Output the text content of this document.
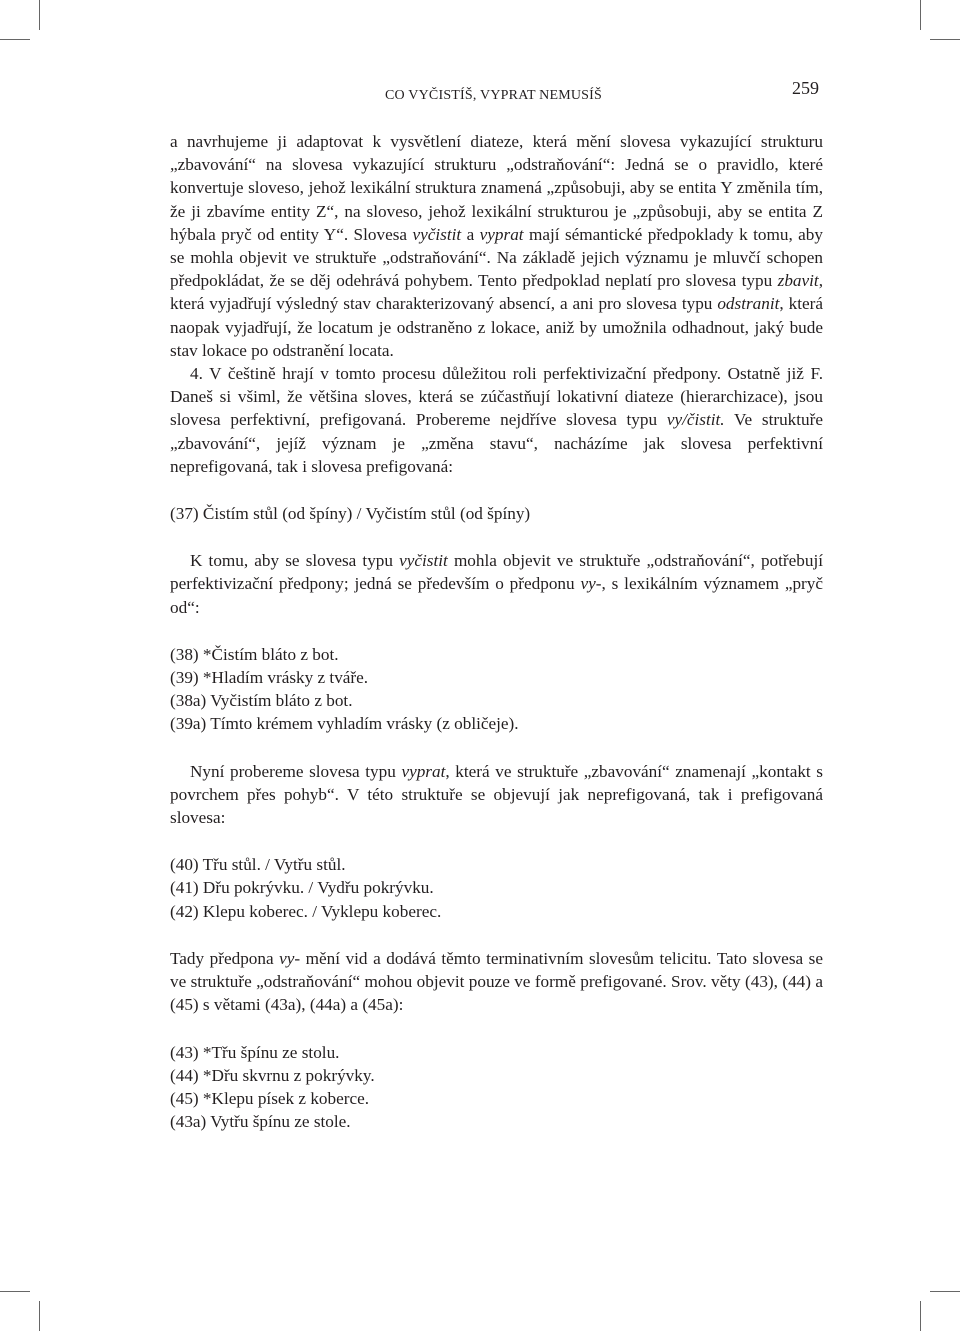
CO VYČISTÍŠ, VYPRAT NEMUSÍŠ	259

a navrhujeme ji adaptovat k vysvětlení diateze, která mění slovesa vykazující strukturu „zbavování“ na slovesa vykazující strukturu „odstraňování“: Jedná se o pravidlo, které konvertuje sloveso, jehož lexikální struktura znamená „způsobuji, aby se entita Y změnila tím, že ji zbavíme entity Z“, na sloveso, jehož lexikální strukturou je „způsobuji, aby se entita Z hýbala pryč od entity Y“. Slovesa vyčistit a vyprat mají sémantické předpoklady k tomu, aby se mohla objevit ve struktuře „odstraňování“. Na základě jejich významu je mluvčí schopen předpokládat, že se děj odehrává pohybem. Tento předpoklad neplatí pro slovesa typu zbavit, která vyjadřují výsledný stav charakterizovaný absencí, a ani pro slovesa typu odstranit, která naopak vyjadřují, že locatum je odstraněno z lokace, aniž by umožnila odhadnout, jaký bude stav lokace po odstranění locata.

4. V češtině hrají v tomto procesu důležitou roli perfektivizační předpony. Ostatně již F. Daneš si všiml, že většina sloves, která se zúčastňují lokativní diateze (hierarchizace), jsou slovesa perfektivní, prefigovaná. Probereme nejdříve slovesa typu vy/čistit. Ve struktuře „zbavování“, jejíž význam je „změna stavu“, nacházíme jak slovesa perfektivní neprefigovaná, tak i slovesa prefigovaná:

(37) Čistím stůl (od špíny) / Vyčistím stůl (od špíny)

K tomu, aby se slovesa typu vyčistit mohla objevit ve struktuře „odstraňování“, potřebují perfektivizační předpony; jedná se především o předponu vy-, s lexikálním významem „pryč od“:

(38) *Čistím bláto z bot.

(39) *Hladím vrásky z tváře.

(38a) Vyčistím bláto z bot.

(39a) Tímto krémem vyhladím vrásky (z obličeje).

Nyní probereme slovesa typu vyprat, která ve struktuře „zbavování“ znamenají „kontakt s povrchem přes pohyb“. V této struktuře se objevují jak neprefigovaná, tak i prefigovaná slovesa:

(40) Třu stůl. / Vytřu stůl.

(41) Dřu pokrývku. / Vydřu pokrývku.

(42) Klepu koberec. / Vyklepu koberec.

Tady předpona vy- mění vid a dodává těmto terminativním slovesům telicitu. Tato slovesa se ve struktuře „odstraňování“ mohou objevit pouze ve formě prefigované. Srov. věty (43), (44) a (45) s větami (43a), (44a) a (45a):

(43) *Třu špínu ze stolu.

(44) *Dřu skvrnu z pokrývky.

(45) *Klepu písek z koberce.

(43a) Vytřu špínu ze stole.
